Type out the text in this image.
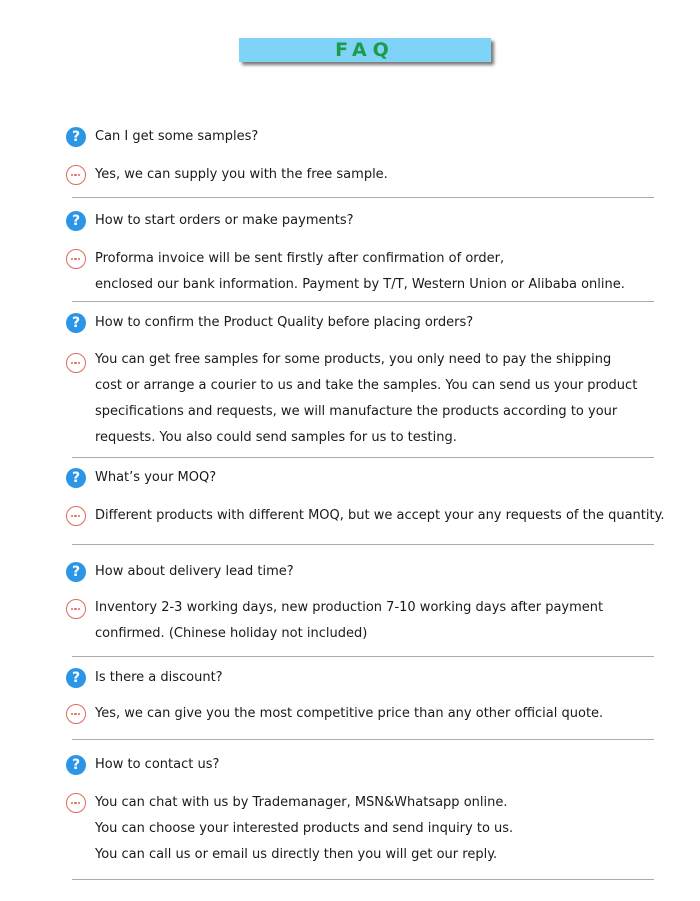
FAQ
?	Can I get some samples?
Yes, we can supply you with the free sample.
?	How to start orders or make payments?
Proforma invoice will be sent firstly after confirmation of order,
enclosed our bank information. Payment by T/T, Western Union or Alibaba online.
?	How to confirm the Product Quality before placing orders?
You can get free samples for some products, you only need to pay the shipping
cost or arrange a courier to us and take the samples. You can send us your product
specifications and requests, we will manufacture the products according to your
requests. You also could send samples for us to testing.
?	What’s your MOQ?
Different products with different MOQ, but we accept your any requests of the quantity.
?	How about delivery lead time?
Inventory 2-3 working days, new production 7-10 working days after payment
confirmed. (Chinese holiday not included)
?	Is there a discount?
Yes, we can give you the most competitive price than any other official quote.
?	How to contact us?
You can chat with us by Trademanager, MSN&Whatsapp online.
You can choose your interested products and send inquiry to us.
You can call us or email us directly then you will get our reply.
